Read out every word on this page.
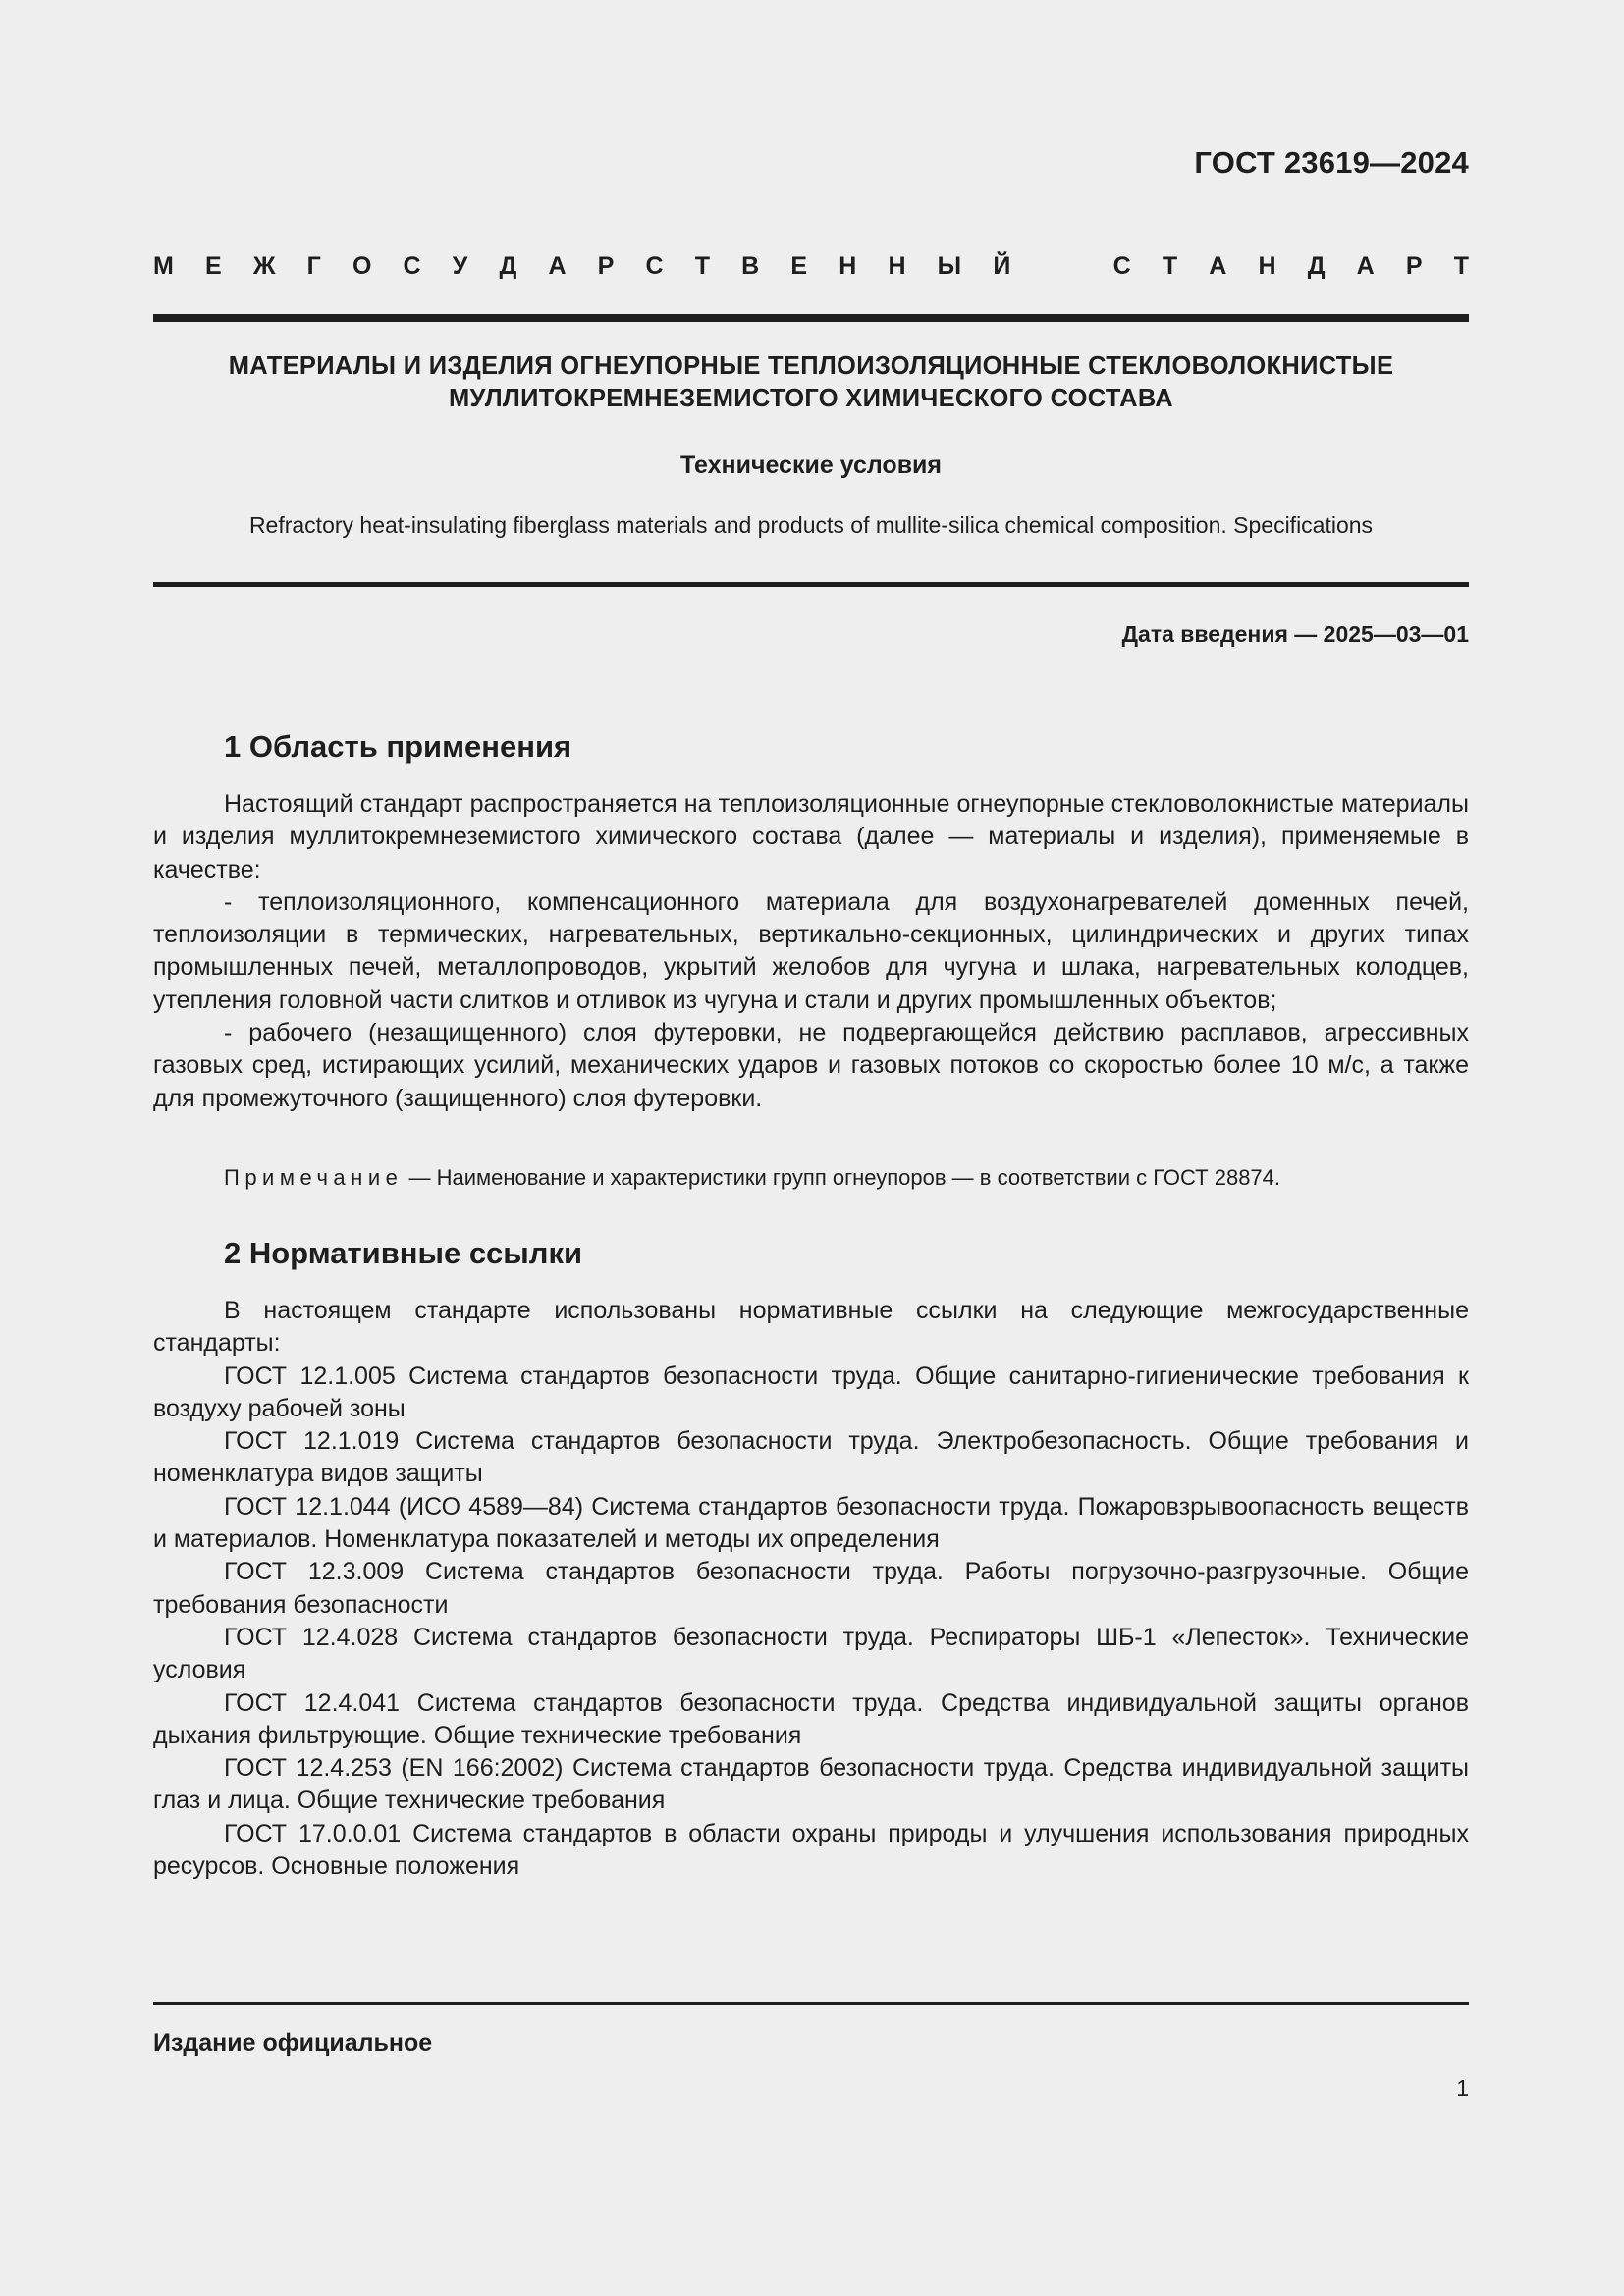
ГОСТ 23619—2024
М Е Ж Г О С У Д А Р С Т В Е Н Н Ы Й	С Т А Н Д А Р Т
МАТЕРИАЛЫ И ИЗДЕЛИЯ ОГНЕУПОРНЫЕ ТЕПЛОИЗОЛЯЦИОННЫЕ СТЕКЛОВОЛОКНИСТЫЕ
МУЛЛИТОКРЕМНЕЗЕМИСТОГО ХИМИЧЕСКОГО СОСТАВА
Технические условия
Refractory heat-insulating fiberglass materials and products of mullite-silica chemical composition. Specifications
Дата введения — 2025—03—01
1 Область применения

Настоящий стандарт распространяется на теплоизоляционные огнеупорные стекловолокнистые материалы и изделия муллитокремнеземистого химического состава (далее — материалы и изделия), применяемые в качестве:

- теплоизоляционного, компенсационного материала для воздухонагревателей доменных печей, теплоизоляции в термических, нагревательных, вертикально-секционных, цилиндрических и других типах промышленных печей, металлопроводов, укрытий желобов для чугуна и шлака, нагревательных колодцев, утепления головной части слитков и отливок из чугуна и стали и других промышленных объектов;

- рабочего (незащищенного) слоя футеровки, не подвергающейся действию расплавов, агрессивных газовых сред, истирающих усилий, механических ударов и газовых потоков со скоростью более 10 м/с, а также для промежуточного (защищенного) слоя футеровки.

Примечание — Наименование и характеристики групп огнеупоров — в соответствии с ГОСТ 28874.
2 Нормативные ссылки

В настоящем стандарте использованы нормативные ссылки на следующие межгосударственные стандарты:

ГОСТ 12.1.005 Система стандартов безопасности труда. Общие санитарно-гигиенические требования к воздуху рабочей зоны

ГОСТ 12.1.019 Система стандартов безопасности труда. Электробезопасность. Общие требования и номенклатура видов защиты

ГОСТ 12.1.044 (ИСО 4589—84) Система стандартов безопасности труда. Пожаровзрывоопасность веществ и материалов. Номенклатура показателей и методы их определения

ГОСТ 12.3.009 Система стандартов безопасности труда. Работы погрузочно-разгрузочные. Общие требования безопасности

ГОСТ 12.4.028 Система стандартов безопасности труда. Респираторы ШБ-1 «Лепесток». Технические условия

ГОСТ 12.4.041 Система стандартов безопасности труда. Средства индивидуальной защиты органов дыхания фильтрующие. Общие технические требования

ГОСТ 12.4.253 (EN 166:2002) Система стандартов безопасности труда. Средства индивидуальной защиты глаз и лица. Общие технические требования

ГОСТ 17.0.0.01 Система стандартов в области охраны природы и улучшения использования природных ресурсов. Основные положения

Издание официальное
1
